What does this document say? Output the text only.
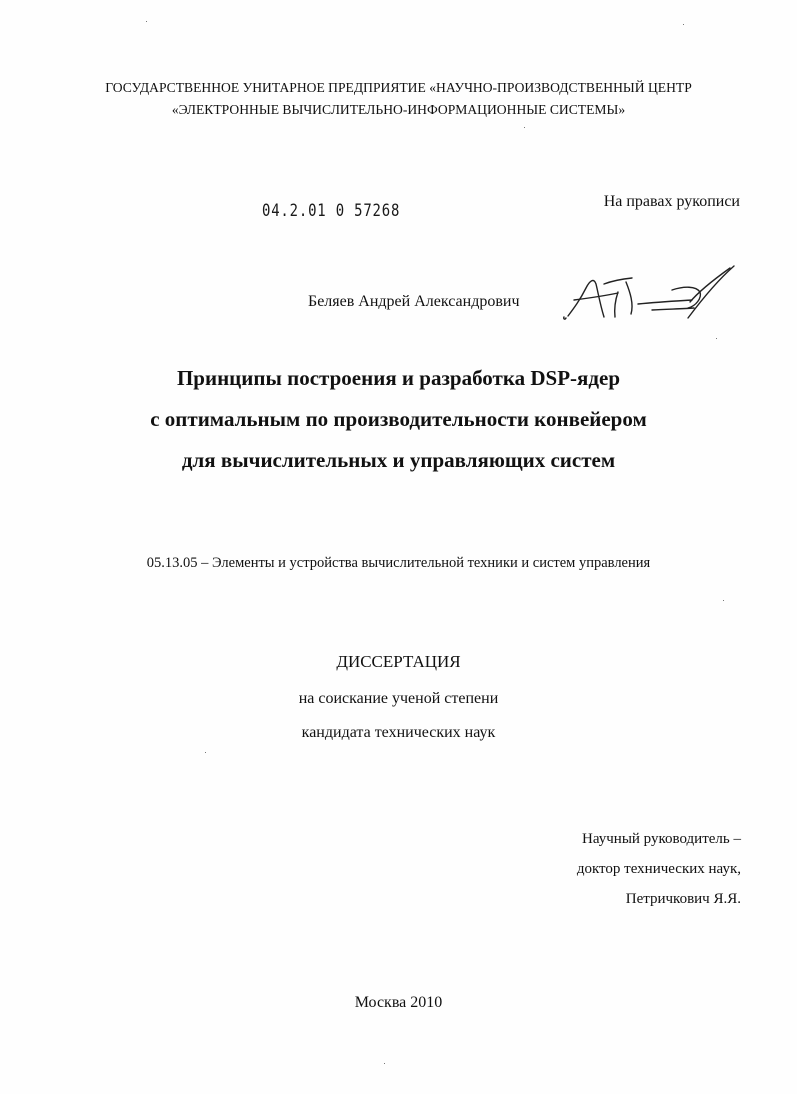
ГОСУДАРСТВЕННОЕ УНИТАРНОЕ ПРЕДПРИЯТИЕ «НАУЧНО-ПРОИЗВОДСТВЕННЫЙ ЦЕНТР
«ЭЛЕКТРОННЫЕ ВЫЧИСЛИТЕЛЬНО-ИНФОРМАЦИОННЫЕ СИСТЕМЫ»
04.2.01 0 57268	На правах рукописи
Беляев Андрей Александрович
Принципы построения и разработка DSP-ядер
с оптимальным по производительности конвейером
для вычислительных и управляющих систем
05.13.05 – Элементы и устройства вычислительной техники и систем управления
ДИССЕРТАЦИЯ
на соискание ученой степени
кандидата технических наук
Научный руководитель –
доктор технических наук,
Петричкович Я.Я.
Москва 2010
